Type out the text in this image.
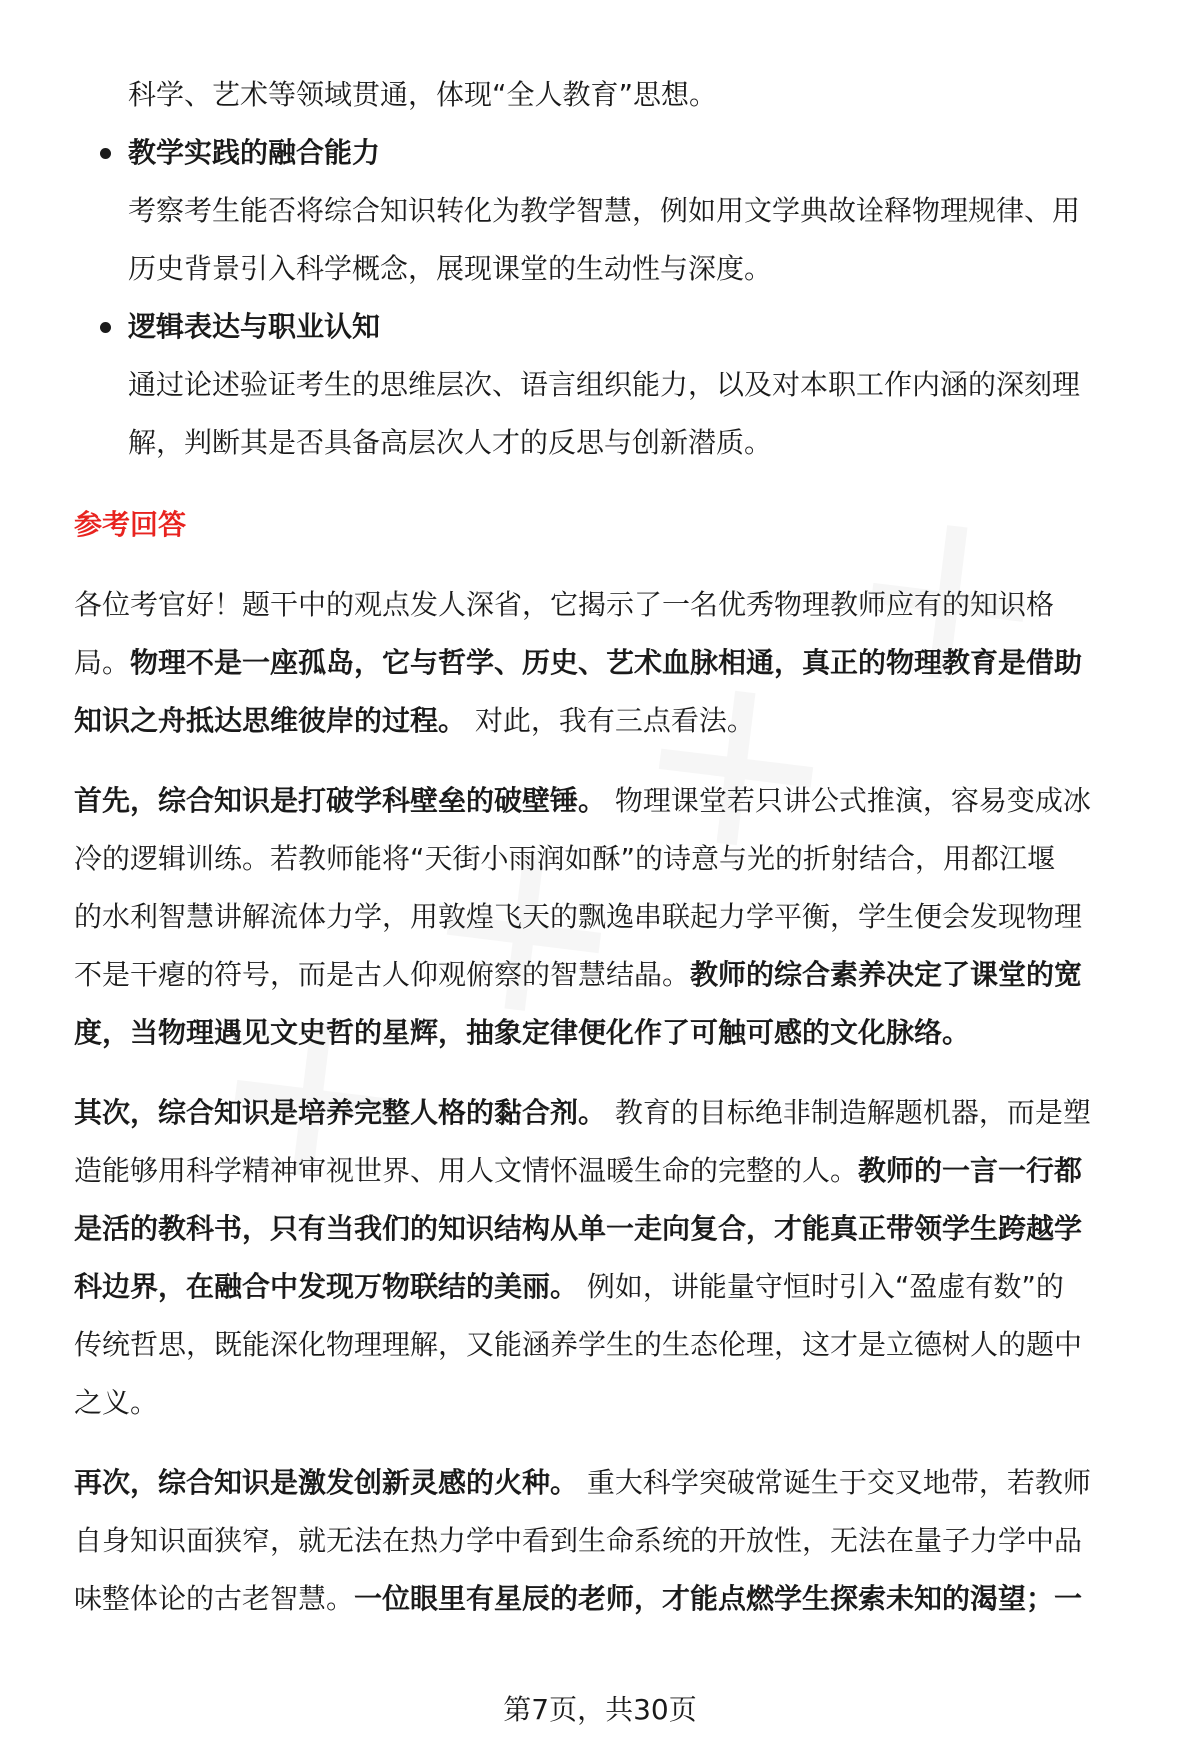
科学、艺术等领域贯通，体现“全人教育”思想。
教学实践的融合能力
考察考生能否将综合知识转化为教学智慧，例如用文学典故诠释物理规律、用
历史背景引入科学概念，展现课堂的生动性与深度。
逻辑表达与职业认知
通过论述验证考生的思维层次、语言组织能力，以及对本职工作内涵的深刻理
解，判断其是否具备高层次人才的反思与创新潜质。
参考回答
各位考官好！题干中的观点发人深省，它揭示了一名优秀物理教师应有的知识格
局。物理不是一座孤岛，它与哲学、历史、艺术血脉相通，真正的物理教育是借助
知识之舟抵达思维彼岸的过程。 对此，我有三点看法。
首先，综合知识是打破学科壁垒的破壁锤。 物理课堂若只讲公式推演，容易变成冰
冷的逻辑训练。若教师能将“天街小雨润如酥”的诗意与光的折射结合，用都江堰
的水利智慧讲解流体力学，用敦煌飞天的飘逸串联起力学平衡，学生便会发现物理
不是干瘪的符号，而是古人仰观俯察的智慧结晶。教师的综合素养决定了课堂的宽
度，当物理遇见文史哲的星辉，抽象定律便化作了可触可感的文化脉络。
其次，综合知识是培养完整人格的黏合剂。 教育的目标绝非制造解题机器，而是塑
造能够用科学精神审视世界、用人文情怀温暖生命的完整的人。教师的一言一行都
是活的教科书，只有当我们的知识结构从单一走向复合，才能真正带领学生跨越学
科边界，在融合中发现万物联结的美丽。 例如，讲能量守恒时引入“盈虚有数”的
传统哲思，既能深化物理理解，又能涵养学生的生态伦理，这才是立德树人的题中
之义。
再次，综合知识是激发创新灵感的火种。 重大科学突破常诞生于交叉地带，若教师
自身知识面狭窄，就无法在热力学中看到生命系统的开放性，无法在量子力学中品
味整体论的古老智慧。一位眼里有星辰的老师，才能点燃学生探索未知的渴望；一
第7页，共30页
